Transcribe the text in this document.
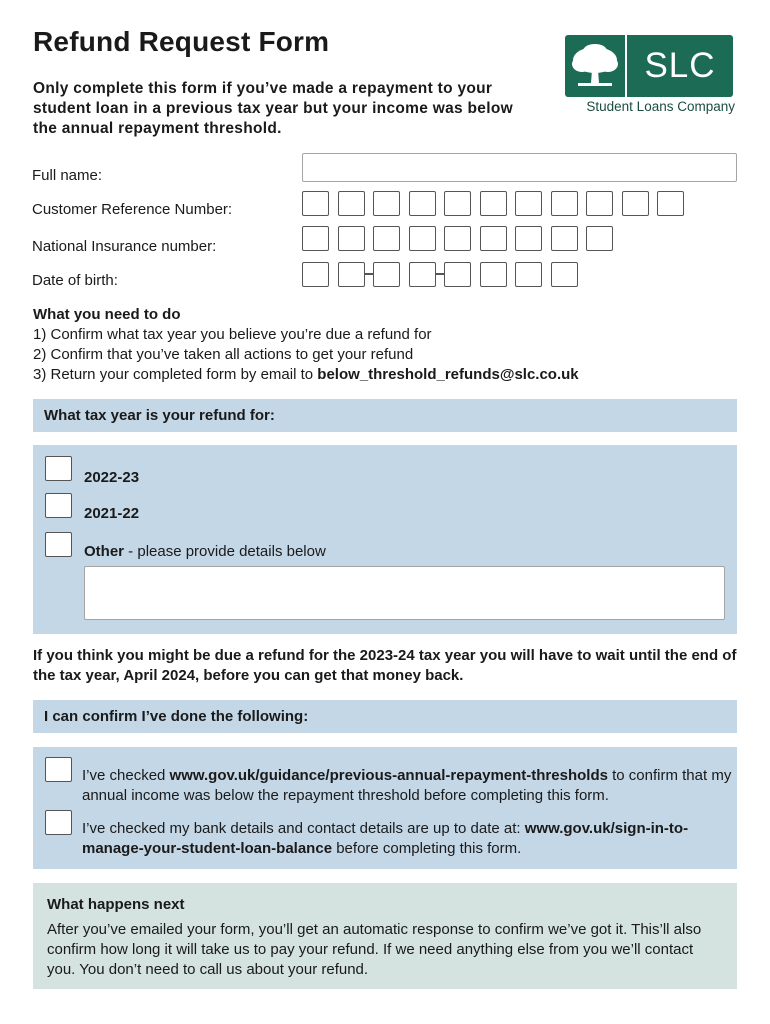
Refund Request Form
Only complete this form if you’ve made a repayment to your student loan in a previous tax year but your income was below the annual repayment threshold.
SLC
Student Loans Company
Full name:
Customer Reference Number:
National Insurance number:
Date of birth:
What you need to do
1) Confirm what tax year you believe you’re due a refund for
2) Confirm that you’ve taken all actions to get your refund
3) Return your completed form by email to below_threshold_refunds@slc.co.uk
What tax year is your refund for:
2022-23
2021-22
Other - please provide details below
If you think you might be due a refund for the 2023-24 tax year you will have to wait until the end of the tax year, April 2024, before you can get that money back.
I can confirm I’ve done the following:
I’ve checked www.gov.uk/guidance/previous-annual-repayment-thresholds to confirm that my annual income was below the repayment threshold before completing this form.
I’ve checked my bank details and contact details are up to date at: www.gov.uk/sign-in-to-manage-your-student-loan-balance before completing this form.
What happens next
After you’ve emailed your form, you’ll get an automatic response to confirm we’ve got it. This’ll also confirm how long it will take us to pay your refund. If we need anything else from you we’ll contact you. You don’t need to call us about your refund.
